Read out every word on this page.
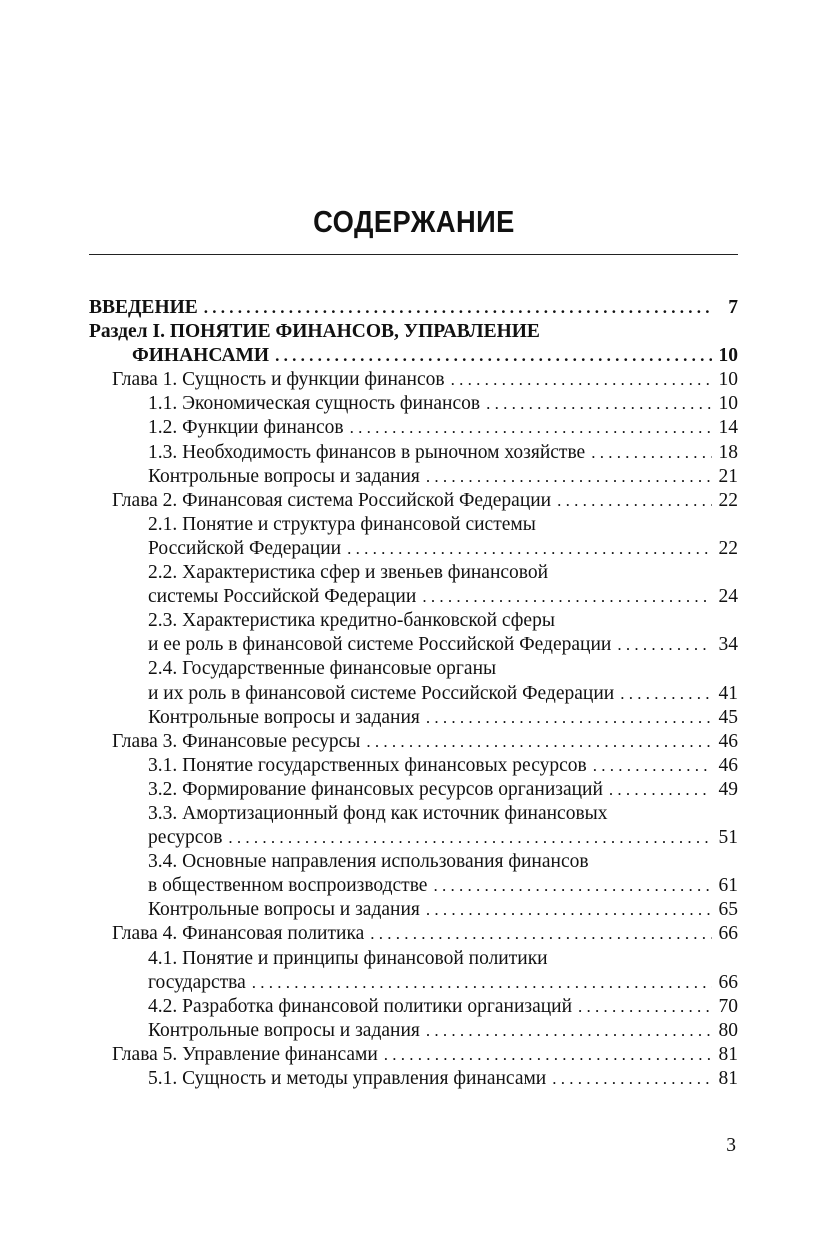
СОДЕРЖАНИЕ
ВВЕДЕНИЕ . . .	7
Раздел I. ПОНЯТИЕ ФИНАНСОВ, УПРАВЛЕНИЕ
ФИНАНСАМИ . . .	10
Глава 1. Сущность и функции финансов . . .	10
1.1. Экономическая сущность финансов . . .	10
1.2. Функции финансов . . .	14
1.3. Необходимость финансов в рыночном хозяйстве . . .	18
Контрольные вопросы и задания . . .	21
Глава 2. Финансовая система Российской Федерации . . .	22
2.1. Понятие и структура финансовой системы
Российской Федерации . . .	22
2.2. Характеристика сфер и звеньев финансовой
системы Российской Федерации . . .	24
2.3. Характеристика кредитно-банковской сферы
и ее роль в финансовой системе Российской Федерации . . .	34
2.4. Государственные финансовые органы
и их роль в финансовой системе Российской Федерации . . .	41
Контрольные вопросы и задания . . .	45
Глава 3. Финансовые ресурсы . . .	46
3.1. Понятие государственных финансовых ресурсов . . .	46
3.2. Формирование финансовых ресурсов организаций . . .	49
3.3. Амортизационный фонд как источник финансовых
ресурсов . . .	51
3.4. Основные направления использования финансов
в общественном воспроизводстве . . .	61
Контрольные вопросы и задания . . .	65
Глава 4. Финансовая политика . . .	66
4.1. Понятие и принципы финансовой политики
государства . . .	66
4.2. Разработка финансовой политики организаций . . .	70
Контрольные вопросы и задания . . .	80
Глава 5. Управление финансами . . .	81
5.1. Сущность и методы управления финансами . . .	81
3
